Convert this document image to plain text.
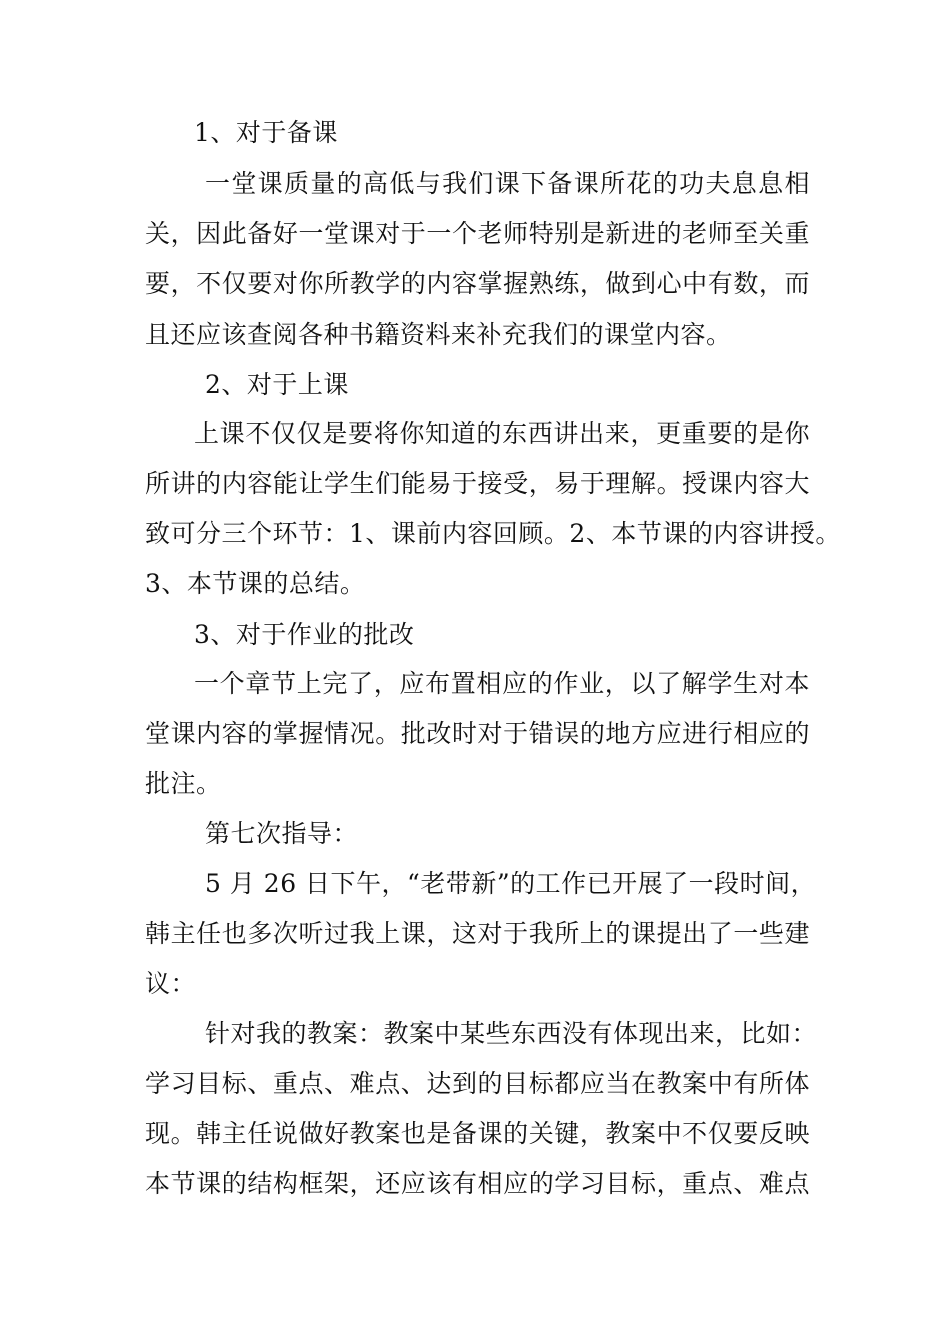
1、对于备课
一堂课质量的高低与我们课下备课所花的功夫息息相
关，因此备好一堂课对于一个老师特别是新进的老师至关重
要，不仅要对你所教学的内容掌握熟练，做到心中有数，而
且还应该查阅各种书籍资料来补充我们的课堂内容。
2、对于上课
上课不仅仅是要将你知道的东西讲出来，更重要的是你
所讲的内容能让学生们能易于接受，易于理解。授课内容大
致可分三个环节：1、课前内容回顾。2、本节课的内容讲授。
3、本节课的总结。
3、对于作业的批改
一个章节上完了，应布置相应的作业，以了解学生对本
堂课内容的掌握情况。批改时对于错误的地方应进行相应的
批注。
第七次指导：
5 月 26 日下午，“老带新”的工作已开展了一段时间，
韩主任也多次听过我上课，这对于我所上的课提出了一些建
议：
针对我的教案：教案中某些东西没有体现出来，比如：
学习目标、重点、难点、达到的目标都应当在教案中有所体
现。韩主任说做好教案也是备课的关键，教案中不仅要反映
本节课的结构框架，还应该有相应的学习目标，重点、难点
